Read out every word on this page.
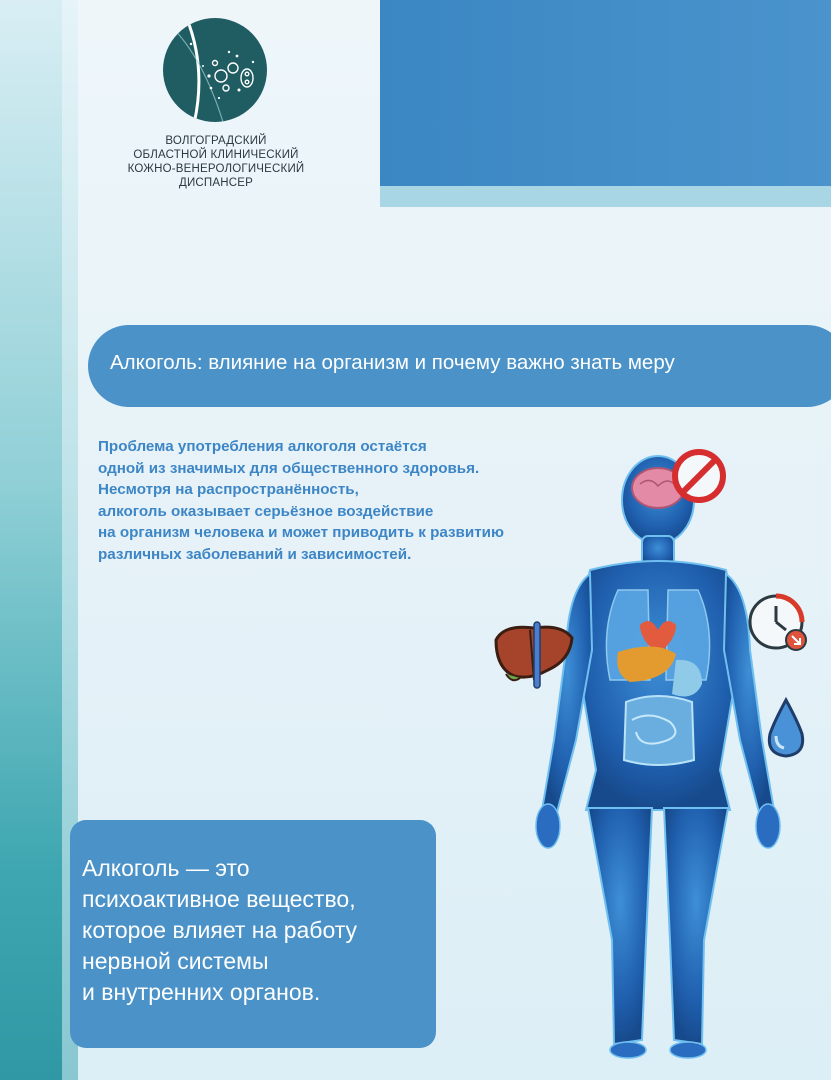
ВОЛГОГРАДСКИЙ
ОБЛАСТНОЙ КЛИНИЧЕСКИЙ
КОЖНО-ВЕНЕРОЛОГИЧЕСКИЙ
ДИСПАНСЕР
Алкоголь: влияние на организм и почему важно знать меру
Проблема употребления алкоголя остаётся
одной из значимых для общественного здоровья.
Несмотря на распространённость,
алкоголь оказывает серьёзное воздействие
на организм человека и может приводить к развитию
различных заболеваний и зависимостей.
Алкоголь — это
психоактивное вещество,
которое влияет на работу
нервной системы
и внутренних органов.
